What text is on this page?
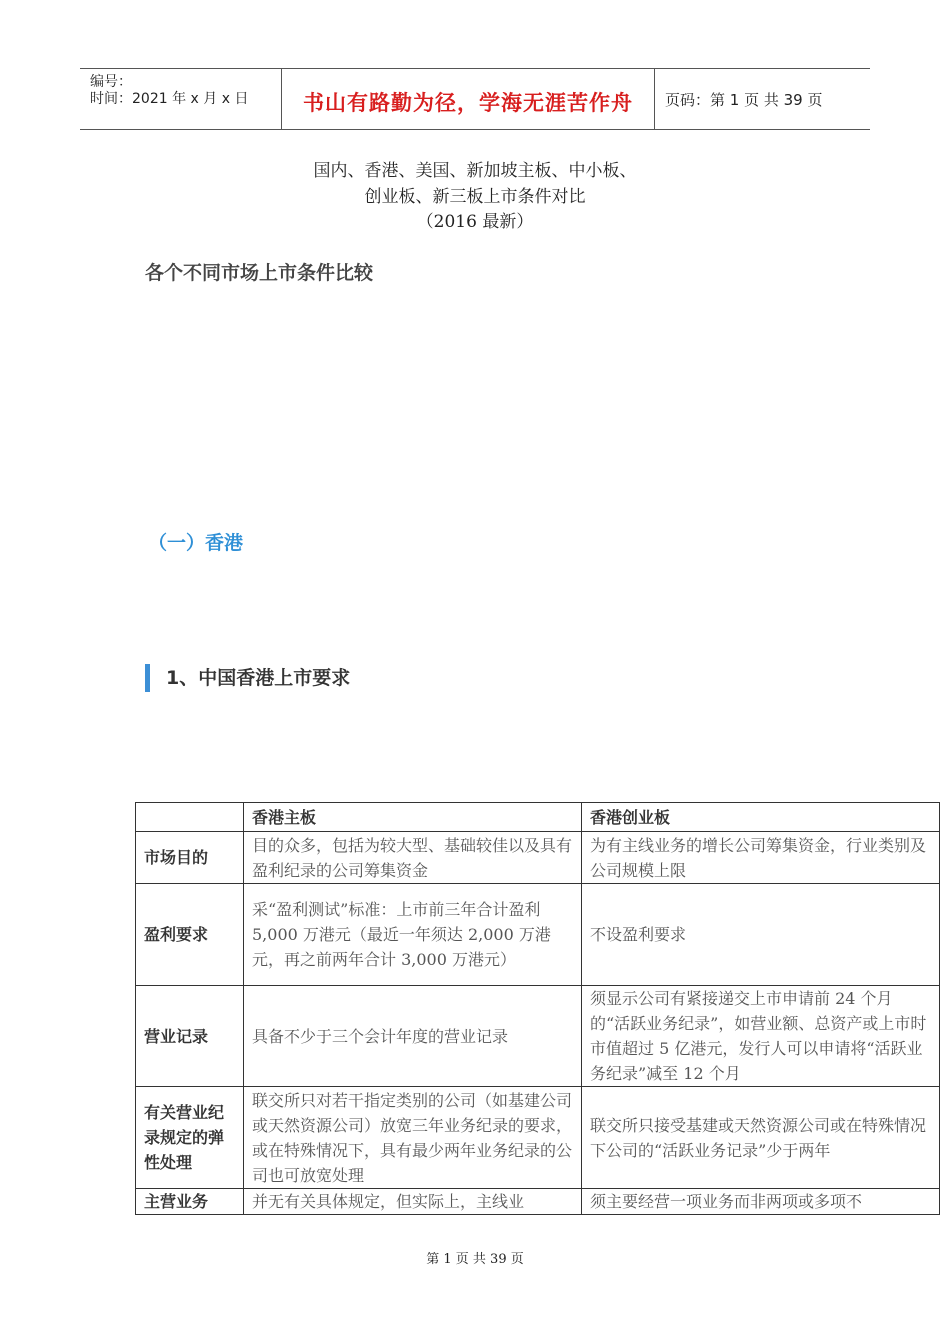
编号：
时间：2021 年 x 月 x 日	书山有路勤为径，学海无涯苦作舟	页码：第 1 页 共 39 页
国内、香港、美国、新加坡主板、中小板、
创业板、新三板上市条件对比
（2016 最新）
各个不同市场上市条件比较
（一）香港
1、中国香港上市要求
	香港主板	香港创业板
市场目的	目的众多，包括为较大型、基础较佳以及具有盈利纪录的公司筹集资金	为有主线业务的增长公司筹集资金，行业类别及公司规模上限
盈利要求	采“盈利测试”标准：上市前三年合计盈利 5,000 万港元（最近一年须达 2,000 万港元，再之前两年合计 3,000 万港元）	不设盈利要求
营业记录	具备不少于三个会计年度的营业记录	须显示公司有紧接递交上市申请前 24 个月的“活跃业务纪录”，如营业额、总资产或上市时市值超过 5 亿港元，发行人可以申请将“活跃业务纪录”减至 12 个月
有关营业纪录规定的弹性处理	联交所只对若干指定类别的公司（如基建公司或天然资源公司）放宽三年业务纪录的要求，或在特殊情况下，具有最少两年业务纪录的公司也可放宽处理	联交所只接受基建或天然资源公司或在特殊情况下公司的“活跃业务记录”少于两年
主营业务	并无有关具体规定，但实际上，主线业	须主要经营一项业务而非两项或多项不
第 1 页 共 39 页
